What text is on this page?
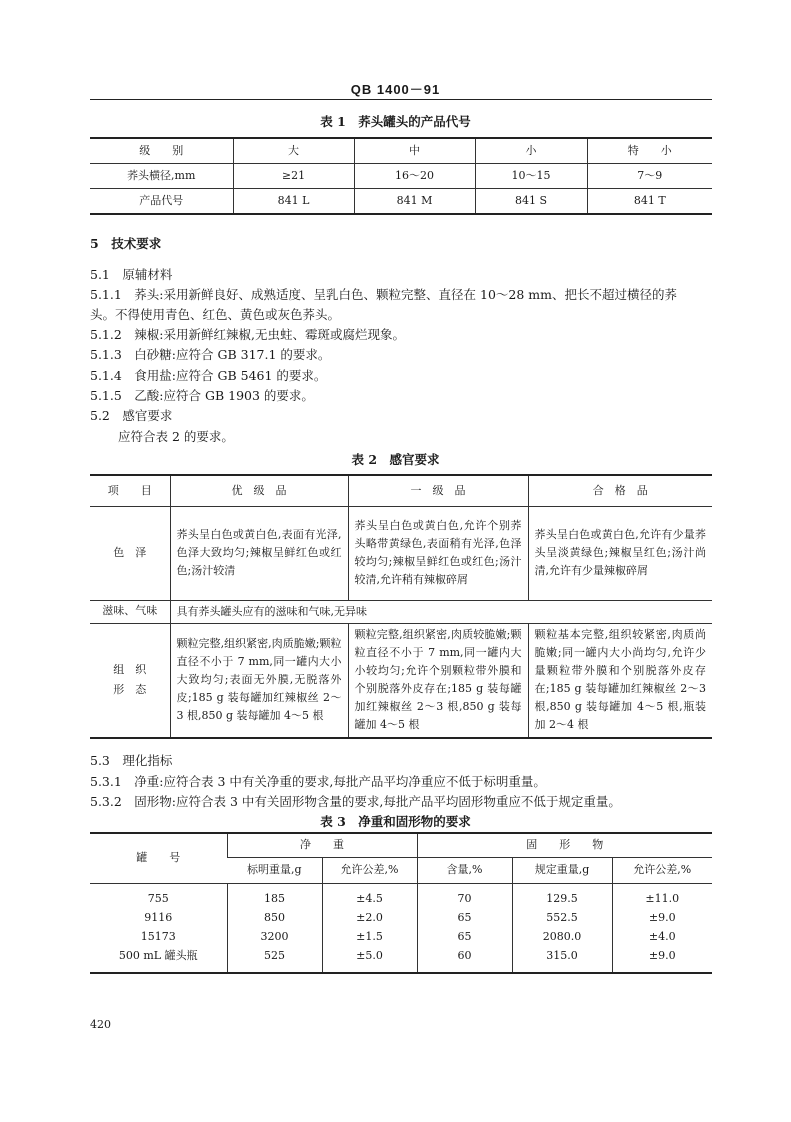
QB 1400－91
表 1　荞头罐头的产品代号
级　　别	大	中	小	特　　小
荞头横径,mm	≥21	16～20	10～15	7～9
产品代号	841 L	841 M	841 S	841 T
5　技术要求
5.1　原辅材料
5.1.1　荞头:采用新鲜良好、成熟适度、呈乳白色、颗粒完整、直径在 10～28 mm、把长不超过横径的荞
头。不得使用青色、红色、黄色或灰色荞头。
5.1.2　辣椒:采用新鲜红辣椒,无虫蛀、霉斑或腐烂现象。
5.1.3　白砂糖:应符合 GB 317.1 的要求。
5.1.4　食用盐:应符合 GB 5461 的要求。
5.1.5　乙酸:应符合 GB 1903 的要求。
5.2　感官要求
应符合表 2 的要求。
表 2　感官要求
项　　目	优　级　品	一　级　品	合　格　品
色　泽	荞头呈白色或黄白色,表面有光泽,色泽大致均匀;辣椒呈鲜红色或红色;汤汁较清	荞头呈白色或黄白色,允许个别荞头略带黄绿色,表面稍有光泽,色泽较均匀;辣椒呈鲜红色或红色;汤汁较清,允许稍有辣椒碎屑	荞头呈白色或黄白色,允许有少量荞头呈淡黄绿色;辣椒呈红色;汤汁尚清,允许有少量辣椒碎屑
滋味、气味	具有荞头罐头应有的滋味和气味,无异味		
组　织
形　态	颗粒完整,组织紧密,肉质脆嫩;颗粒直径不小于 7 mm,同一罐内大小大致均匀;表面无外膜,无脱落外皮;185 g 装每罐加红辣椒丝 2～3 根,850 g 装每罐加 4～5 根	颗粒完整,组织紧密,肉质较脆嫩;颗粒直径不小于 7 mm,同一罐内大小较均匀;允许个别颗粒带外膜和个别脱落外皮存在;185 g 装每罐加红辣椒丝 2～3 根,850 g 装每罐加 4～5 根	颗粒基本完整,组织较紧密,肉质尚脆嫩;同一罐内大小尚均匀,允许少量颗粒带外膜和个别脱落外皮存在;185 g 装每罐加红辣椒丝 2～3 根,850 g 装每罐加 4～5 根,瓶装加 2～4 根
5.3　理化指标
5.3.1　净重:应符合表 3 中有关净重的要求,每批产品平均净重应不低于标明重量。
5.3.2　固形物:应符合表 3 中有关固形物含量的要求,每批产品平均固形物重应不低于规定重量。
表 3　净重和固形物的要求
罐　　号	净　　重		固　　形　　物		
	标明重量,g	允许公差,%	含量,%	规定重量,g	允许公差,%
755	185	±4.5	70	129.5	±11.0
9116	850	±2.0	65	552.5	±9.0
15173	3200	±1.5	65	2080.0	±4.0
500 mL 罐头瓶	525	±5.0	60	315.0	±9.0
420
